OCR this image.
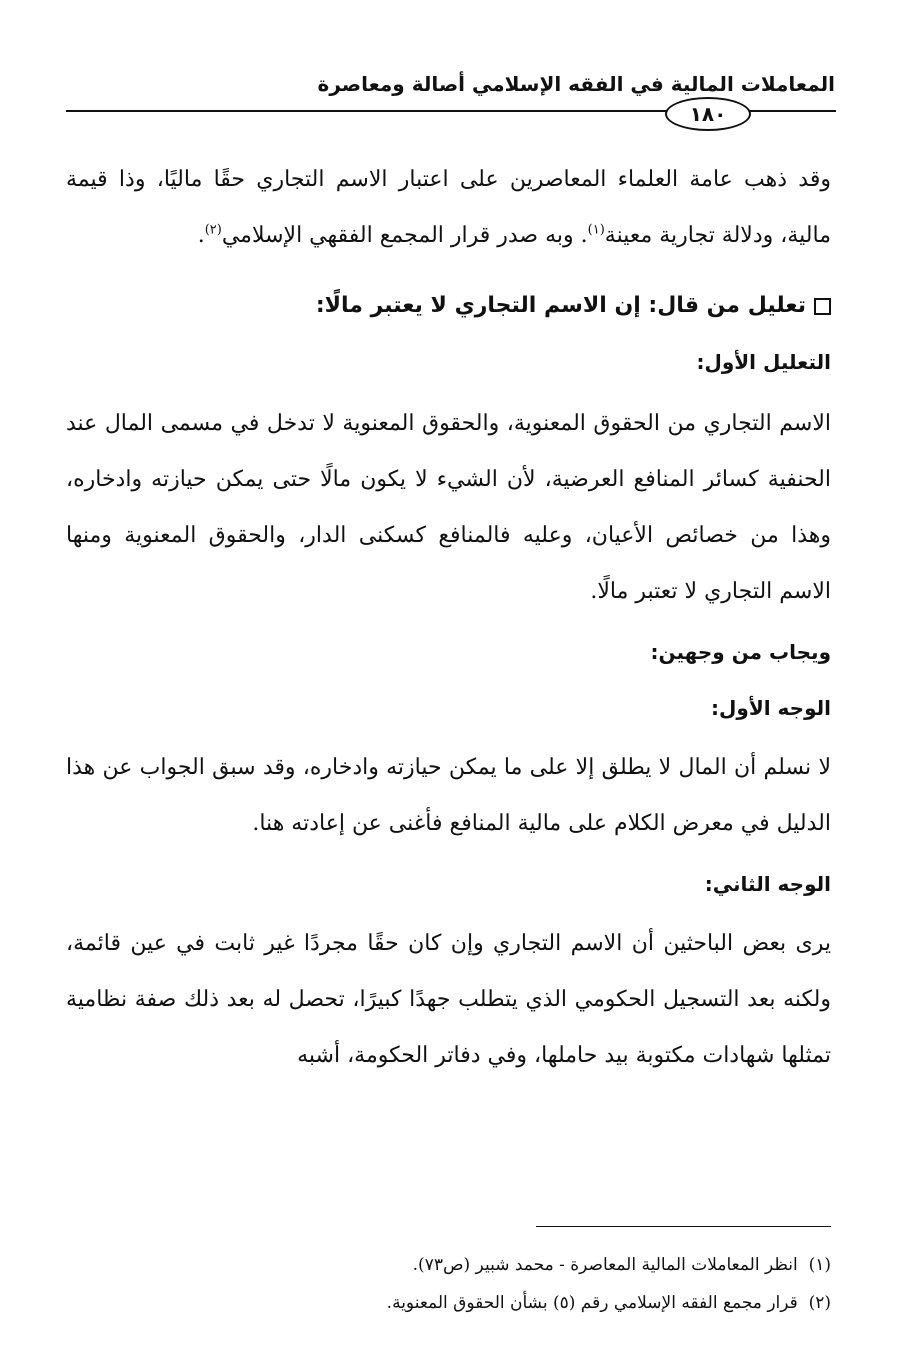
المعاملات المالية في الفقه الإسلامي أصالة ومعاصرة
١٨٠

وقد ذهب عامة العلماء المعاصرين على اعتبار الاسم التجاري حقًا ماليًا، وذا قيمة مالية، ودلالة تجارية معينة$^{(١)}$. وبه صدر قرار المجمع الفقهي الإسلامي$^{(٢)}$.

تعليل من قال: إن الاسم التجاري لا يعتبر مالًا:

التعليل الأول:

الاسم التجاري من الحقوق المعنوية، والحقوق المعنوية لا تدخل في مسمى المال عند الحنفية كسائر المنافع العرضية، لأن الشيء لا يكون مالًا حتى يمكن حيازته وادخاره، وهذا من خصائص الأعيان، وعليه فالمنافع كسكنى الدار، والحقوق المعنوية ومنها الاسم التجاري لا تعتبر مالًا.

ويجاب من وجهين:

الوجه الأول:

لا نسلم أن المال لا يطلق إلا على ما يمكن حيازته وادخاره، وقد سبق الجواب عن هذا الدليل في معرض الكلام على مالية المنافع فأغنى عن إعادته هنا.

الوجه الثاني:

يرى بعض الباحثين أن الاسم التجاري وإن كان حقًا مجردًا غير ثابت في عين قائمة، ولكنه بعد التسجيل الحكومي الذي يتطلب جهدًا كبيرًا، تحصل له بعد ذلك صفة نظامية تمثلها شهادات مكتوبة بيد حاملها، وفي دفاتر الحكومة، أشبه

(١)  انظر المعاملات المالية المعاصرة - محمد شبير (ص٧٣).

(٢)  قرار مجمع الفقه الإسلامي رقم (٥) بشأن الحقوق المعنوية.
